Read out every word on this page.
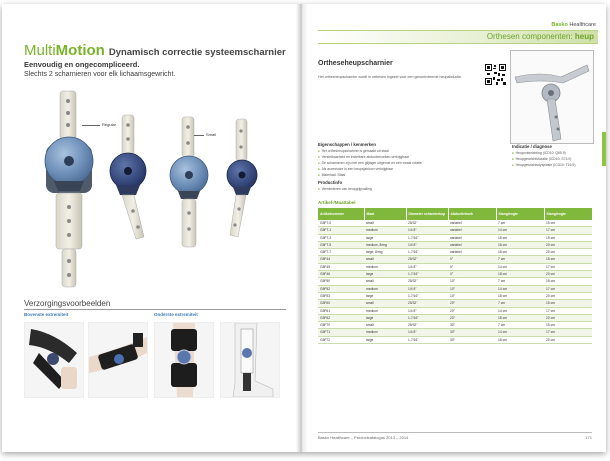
MultiMotion Dynamisch correctie systeemscharnier
Eenvoudig en ongecompliceerd.
Slechts 2 scharnieren voor elk lichaamsgewricht.
Regular
Small
Verzorgingsvoorbeelden
Bovenste extremiteit	Onderste extremiteit
Basko Healthcare
Orthesen componenten: heup
Ortheseheupscharnier
Het orthesheupscharnier wordt in orthesen ingezet voor een gecontroleerde heupabductie.
Eigenschappen / kenmerken
■ Het orthesheupscharnier is gemaakt uit staal
■ Verstelbaarheid en instelbare abductiehoeken verkrijgbaar
■ De scharnieren zijn met een glijlager uitgerust en een zwaai rotatie
■ Als accessoire is een heupsjabloon verkrijgbaar
■ Materiaal: Staal
Productinfo
■ Verminderen van heupgrijpvalling
Indicatie / diagnose
■ Heupontwrichting (ICD10: Q65.9)
■ Heupgewrichtsluxatie (ICD10: S73.0)
■ Heupgewrichtsdysplasie (ICD10: T16.9)
Artikel-/Maattabel
Artikelnummer	Maat	Diameter scharnierkop	Abductiehoek	Stanglengte	Stanglengte
G5FT-0	small	25/32"	variabel	7 cm	15 cm
G5FT-1	medium	1/4 8"	variabel	14 cm	17 cm
G5FT-2	large	1-7/16"	variabel	18 cm	19 cm
G5FT-5	medium, 8/mg	1/4 8"	variabel	18 cm	20 cm
G5FT-7	large, 8/mg	1-7/16"	variabel	18 cm	20 cm
G5F44	small	25/32"	0°	7 cm	15 cm
G5F45	medium	1/4 8"	0°	14 cm	17 cm
G5F46	large	1-7/16"	0°	18 cm	20 cm
G5F50	small	25/32"	10°	7 cm	15 cm
G5F52	medium	1/4 8"	10°	14 cm	17 cm
G5F53	large	1-7/16"	10°	18 cm	20 cm
G5F60	small	25/32"	20°	7 cm	15 cm
G5F61	medium	1/4 8"	20°	14 cm	17 cm
G5F62	large	1-7/16"	20°	18 cm	20 cm
G5F70	small	25/32"	30°	7 cm	15 cm
G5F71	medium	1/4 8"	30°	14 cm	17 cm
G5F72	large	1-7/16"	30°	18 cm	20 cm
Basko Healthcare – Productcatalogus 2013 – 2014	171
